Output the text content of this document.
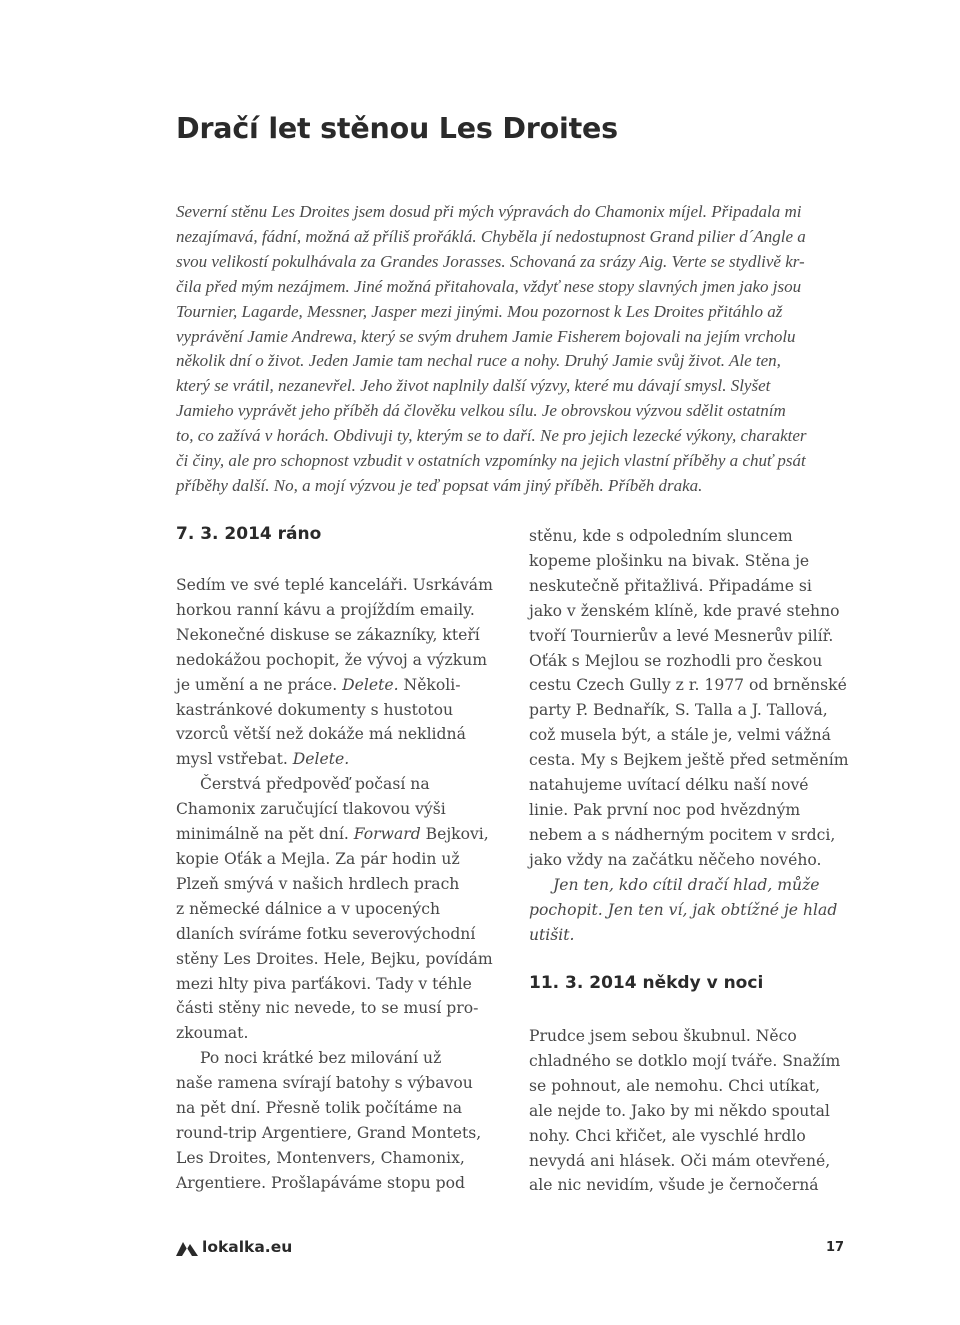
Dračí let stěnou Les Droites
Severní stěnu Les Droites jsem dosud při mých výpravách do Chamonix míjel. Připadala mi
nezajímavá, fádní, možná až příliš prořáklá. Chyběla jí nedostupnost Grand pilier d´Angle a
svou velikostí pokulhávala za Grandes Jorasses. Schovaná za srázy Aig. Verte se stydlivě kr-
čila před mým nezájmem. Jiné možná přitahovala, vždyť nese stopy slavných jmen jako jsou
Tournier, Lagarde, Messner, Jasper mezi jinými. Mou pozornost k Les Droites přitáhlo až
vyprávění Jamie Andrewa, který se svým druhem Jamie Fisherem bojovali na jejím vrcholu
několik dní o život. Jeden Jamie tam nechal ruce a nohy. Druhý Jamie svůj život. Ale ten,
který se vrátil, nezanevřel. Jeho život naplnily další výzvy, které mu dávají smysl. Slyšet
Jamieho vyprávět jeho příběh dá člověku velkou sílu. Je obrovskou výzvou sdělit ostatním
to, co zažívá v horách. Obdivuji ty, kterým se to daří. Ne pro jejich lezecké výkony, charakter
či činy, ale pro schopnost vzbudit v ostatních vzpomínky na jejich vlastní příběhy a chuť psát
příběhy další. No, a mojí výzvou je teď popsat vám jiný příběh. Příběh draka.
7. 3. 2014 ráno
Sedím ve své teplé kanceláři. Usrkávám
horkou ranní kávu a projíždím emaily.
Nekonečné diskuse se zákazníky, kteří
nedokážou pochopit, že vývoj a výzkum
je umění a ne práce. Delete. Několi-
kastránkové dokumenty s hustotou
vzorců větší než dokáže má neklidná
mysl vstřebat. Delete.
Čerstvá předpověď počasí na
Chamonix zaručující tlakovou výši
minimálně na pět dní. Forward Bejkovi,
kopie Oťák a Mejla. Za pár hodin už
Plzeň smývá v našich hrdlech prach
z německé dálnice a v upocených
dlaních svíráme fotku severovýchodní
stěny Les Droites. Hele, Bejku, povídám
mezi hlty piva parťákovi. Tady v téhle
části stěny nic nevede, to se musí pro-
zkoumat.
Po noci krátké bez milování už
naše ramena svírají batohy s výbavou
na pět dní. Přesně tolik počítáme na
round-trip Argentiere, Grand Montets,
Les Droites, Montenvers, Chamonix,
Argentiere. Prošlapáváme stopu pod
stěnu, kde s odpoledním sluncem
kopeme plošinku na bivak. Stěna je
neskutečně přitažlivá. Připadáme si
jako v ženském klíně, kde pravé stehno
tvoří Tournierův a levé Mesnerův pilíř.
Oťák s Mejlou se rozhodli pro českou
cestu Czech Gully z r. 1977 od brněnské
party P. Bednařík, S. Talla a J. Tallová,
což musela být, a stále je, velmi vážná
cesta. My s Bejkem ještě před setměním
natahujeme uvítací délku naší nové
linie. Pak první noc pod hvězdným
nebem a s nádherným pocitem v srdci,
jako vždy na začátku něčeho nového.
Jen ten, kdo cítil dračí hlad, může
pochopit. Jen ten ví, jak obtížné je hlad
utišit.
11. 3. 2014 někdy v noci
Prudce jsem sebou škubnul. Něco
chladného se dotklo mojí tváře. Snažím
se pohnout, ale nemohu. Chci utíkat,
ale nejde to. Jako by mi někdo spoutal
nohy. Chci křičet, ale vyschlé hrdlo
nevydá ani hlásek. Oči mám otevřené,
ale nic nevidím, všude je černočerná
lokalka.eu	17
